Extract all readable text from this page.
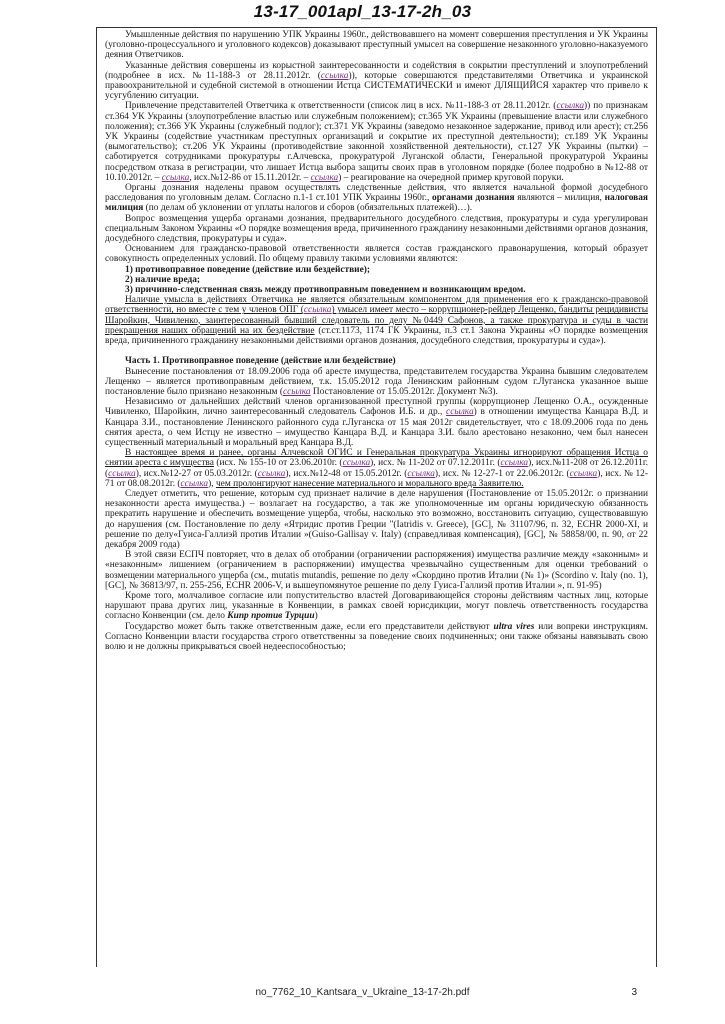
13-17_001apl_13-17-2h_03

Умышленные действия по нарушению УПК Украины 1960г., действовавшего на момент совершения преступления и УК Украины (уголовно-процессуального и уголовного кодексов) доказывают преступный умысел на совершение незаконного уголовно-наказуемого деяния Ответчиков.

Указанные действия совершены из корыстной заинтересованности и содействия в сокрытии преступлений и злоупотреблений (подробнее в исх. №11-188-3 от 28.11.2012г. (ссылка)), которые совершаются представителями Ответчика и украинской правоохранительной и судебной системой в отношении Истца СИСТЕМАТИЧЕСКИ и имеют ДЛЯЩИЙСЯ характер что привело к усугублению ситуации.

Привлечение представителей Ответчика к ответственности (список лиц в исх. №11-188-3 от 28.11.2012г. (ссылка)) по признакам ст.364 УК Украины (злоупотребление властью или служебным положением); ст.365 УК Украины (превышение власти или служебного положения); ст.366 УК Украины (служебный подлог); ст.371 УК Украины (заведомо незаконное задержание, привод или арест); ст.256 УК Украины (содействие участникам преступных организаций и сокрытие их преступной деятельности); ст.189 УК Украины (вымогательство); ст.206 УК Украины (противодействие законной хозяйственной деятельности), ст.127 УК Украины (пытки) – саботируется сотрудниками прокуратуры г.Алчевска, прокуратурой Луганской области, Генеральной прокуратурой Украины посредством отказа в регистрации, что лишает Истца выбора защиты своих прав в уголовном порядке (более подробно в №12-88 от 10.10.2012г. – ссылка, исх.№12-86 от 15.11.2012г. – ссылка) – реагирование на очередной пример круговой поруки.

Органы дознания наделены правом осуществлять следственные действия, что является начальной формой досудебного расследования по уголовным делам. Согласно п.1-1 ст.101 УПК Украины 1960г., органами дознания являются – милиция, налоговая милиция (по делам об уклонении от уплаты налогов и сборов (обязательных платежей)…).

Вопрос возмещения ущерба органами дознания, предварительного досудебного следствия, прокуратуры и суда урегулирован специальным Законом Украины «О порядке возмещения вреда, причиненного гражданину незаконными действиями органов дознания, досудебного следствия, прокуратуры и суда».

Основанием для гражданско-правовой ответственности является состав гражданского правонарушения, который образует совокупность определенных условий. По общему правилу такими условиями являются:

1) противоправное поведение (действие или бездействие);

2) наличие вреда;

3) причинно-следственная связь между противоправным поведением и возникающим вредом.

Наличие умысла в действиях Ответчика не является обязательным компонентом для применения его к гражданско-правовой ответственности, но вместе с тем у членов ОПГ (ссылка) умысел имеет место – коррупционер-рейдер Лещенко, бандиты рецидивисты Шаройкин, Чивиленко, заинтересованный бывший следователь по делу №0449 Сафонов, а также прокуратура и суды в части прекращения наших обращений на их бездействие (ст.ст.1173, 1174 ГК Украины, п.3 ст.1 Закона Украины «О порядке возмещения вреда, причиненного гражданину незаконными действиями органов дознания, досудебного следствия, прокуратуры и суда»).

Часть 1. Противоправное поведение (действие или бездействие)

Вынесение постановления от 18.09.2006 года об аресте имущества, представителем государства Украина бывшим следователем Лещенко – является противоправным действием, т.к. 15.05.2012 года Ленинским районным судом г.Луганска указанное выше постановление было признано незаконным (ссылка Постановление от 15.05.2012г. Документ №3).

Независимо от дальнейших действий членов организованной преступной группы (коррупционер Лещенко О.А., осужденные Чивиленко, Шаройкин, лично заинтересованный следователь Сафонов И.Б. и др., ссылка) в отношении имущества Канцара В.Д. и Канцара З.И., постановление Ленинского районного суда г.Луганска от 15 мая 2012г свидетельствует, что с 18.09.2006 года по день снятия ареста, о чем Истцу не известно – имущество Канцара В.Д. и Канцара З.И. было арестовано незаконно, чем был нанесен существенный материальный и моральный вред Канцара В.Д.

В настоящее время и ранее, органы Алчевской ОГИС и Генеральная прокуратура Украины игнорируют обращения Истца о снятии ареста с имущества (исх. № 155-10 от 23.06.2010г. (ссылка), исх. № 11-202 от 07.12.2011г. (ссылка), исх.№11-208 от 26.12.2011г. (ссылка), исх.№12-27 от 05.03.2012г. (ссылка), исх.№12-48 от 15.05.2012г. (ссылка), исх. № 12-27-1 от 22.06.2012г. (ссылка), исх. № 12-71 от 08.08.2012г. (ссылка), чем пролонгируют нанесение материального и морального вреда Заявителю.

Следует отметить, что решение, которым суд признает наличие в деле нарушения (Постановление от 15.05.2012г. о признании незаконности ареста имущества.) – возлагает на государство, а так же уполномоченные им органы юридическую обязанность прекратить нарушение и обеспечить возмещение ущерба, чтобы, насколько это возможно, восстановить ситуацию, существовавшую до нарушения (см. Постановление по делу «Ятридис против Греции "(Iatridis v. Greece), [GC], № 31107/96, п. 32, ECHR 2000-XI, и решение по делу«Гуиса-Галлиэй против Италии »(Guiso-Gallisay v. Italy) (справедливая компенсация), [GC], № 58858/00, п. 90, от 22 декабря 2009 года)

В этой связи ЕСПЧ повторяет, что в делах об отобрании (ограничении распоряжения) имущества различие между «законным» и «незаконным» лишением (ограничением в распоряжении) имущества чрезвычайно существенным для оценки требований о возмещении материального ущерба (см., mutatis mutandis, решение по делу «Скордино против Италии (№ 1)» (Scordino v. Italy (no. 1), [GC], № 36813/97, п. 255-256, ECHR 2006-V, и вышеупомянутое решение по делу Гуиса-Галлиэй против Италии », п. 91-95)

Кроме того, молчаливое согласие или попустительство властей Договаривающейся стороны действиям частных лиц, которые нарушают права других лиц, указанные в Конвенции, в рамках своей юрисдикции, могут повлечь ответственность государства согласно Конвенции (см. дело Кипр против Турции)

Государство может быть также ответственным даже, если его представители действуют ultra vires или вопреки инструкциям. Согласно Конвенции власти государства строго ответственны за поведение своих подчиненных; они также обязаны навязывать свою волю и не должны прикрываться своей недееспособностью;

no_7762_10_Kantsara_v_Ukraine_13-17-2h.pdf	3
